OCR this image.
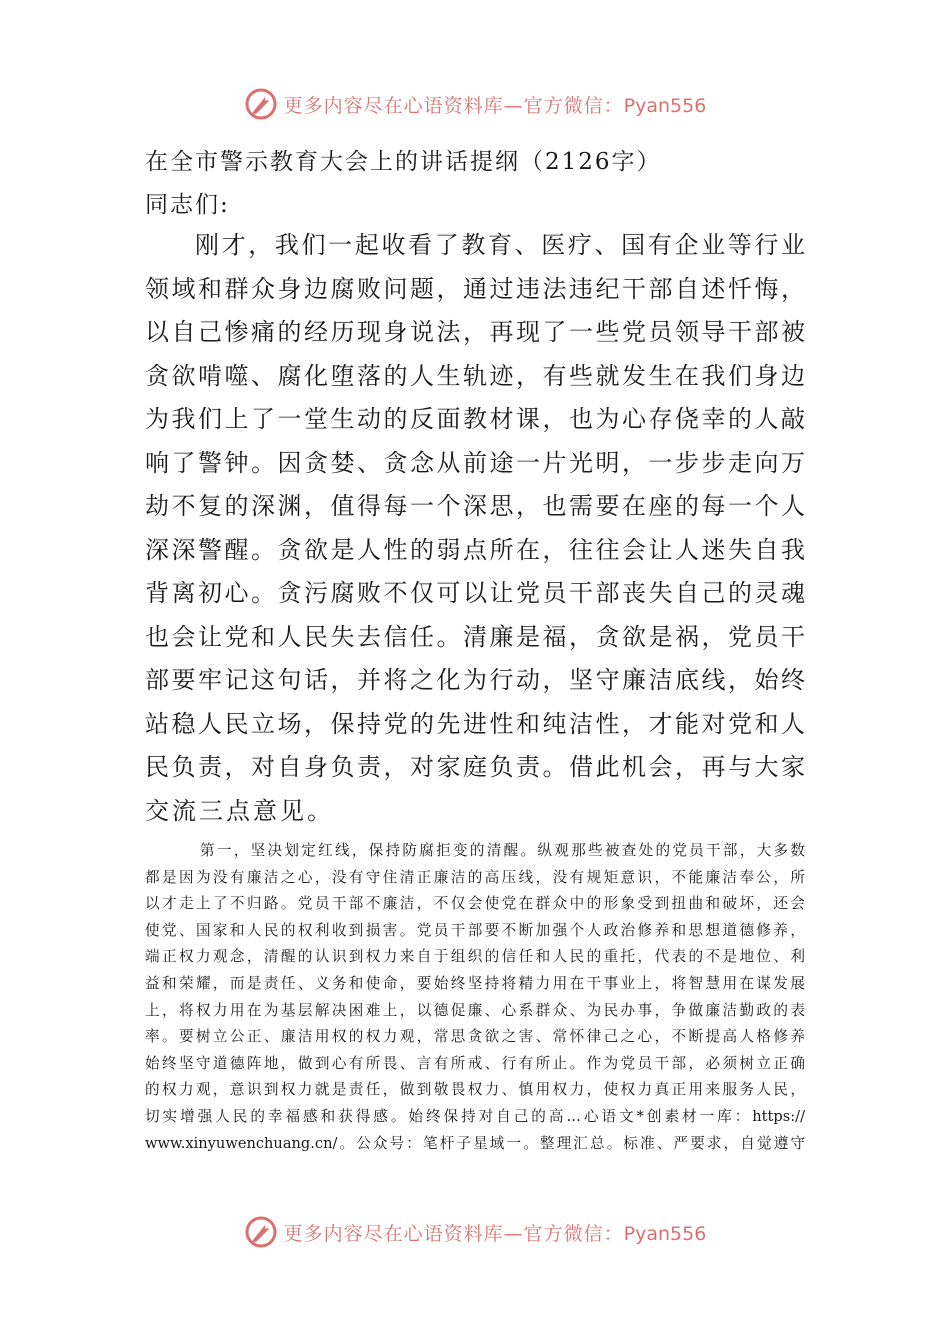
更多内容尽在心语资料库—官方微信：Pyan556
在全市警示教育大会上的讲话提纲（2126字）
同志们:
刚才，我们一起收看了教育、医疗、国有企业等行业
领域和群众身边腐败问题，通过违法违纪干部自述忏悔，
以自己惨痛的经历现身说法，再现了一些党员领导干部被
贪欲啃噬、腐化堕落的人生轨迹，有些就发生在我们身边
为我们上了一堂生动的反面教材课，也为心存侥幸的人敲
响了警钟。因贪婪、贪念从前途一片光明，一步步走向万
劫不复的深渊，值得每一个深思，也需要在座的每一个人
深深警醒。贪欲是人性的弱点所在，往往会让人迷失自我
背离初心。贪污腐败不仅可以让党员干部丧失自己的灵魂
也会让党和人民失去信任。清廉是福，贪欲是祸，党员干
部要牢记这句话，并将之化为行动，坚守廉洁底线，始终
站稳人民立场，保持党的先进性和纯洁性，才能对党和人
民负责，对自身负责，对家庭负责。借此机会，再与大家
交流三点意见。
第一，坚决划定红线，保持防腐拒变的清醒。纵观那些被查处的党员干部，大多数
都是因为没有廉洁之心，没有守住清正廉洁的高压线，没有规矩意识，不能廉洁奉公，所
以才走上了不归路。党员干部不廉洁，不仅会使党在群众中的形象受到扭曲和破坏，还会
使党、国家和人民的权利收到损害。党员干部要不断加强个人政治修养和思想道德修养，
端正权力观念，清醒的认识到权力来自于组织的信任和人民的重托，代表的不是地位、利
益和荣耀，而是责任、义务和使命，要始终坚持将精力用在干事业上，将智慧用在谋发展
上，将权力用在为基层解决困难上，以德促廉、心系群众、为民办事，争做廉洁勤政的表
率。要树立公正、廉洁用权的权力观，常思贪欲之害、常怀律己之心，不断提高人格修养
始终坚守道德阵地，做到心有所畏、言有所戒、行有所止。作为党员干部，必须树立正确
的权力观，意识到权力就是责任，做到敬畏权力、慎用权力，使权力真正用来服务人民，
切实增强人民的幸福感和获得感。始终保持对自己的高…心语文*创素材一库：https://
www.xinyuwenchuang.cn/。公众号：笔杆子星域一。整理汇总。标准、严要求，自觉遵守
更多内容尽在心语资料库—官方微信：Pyan556
